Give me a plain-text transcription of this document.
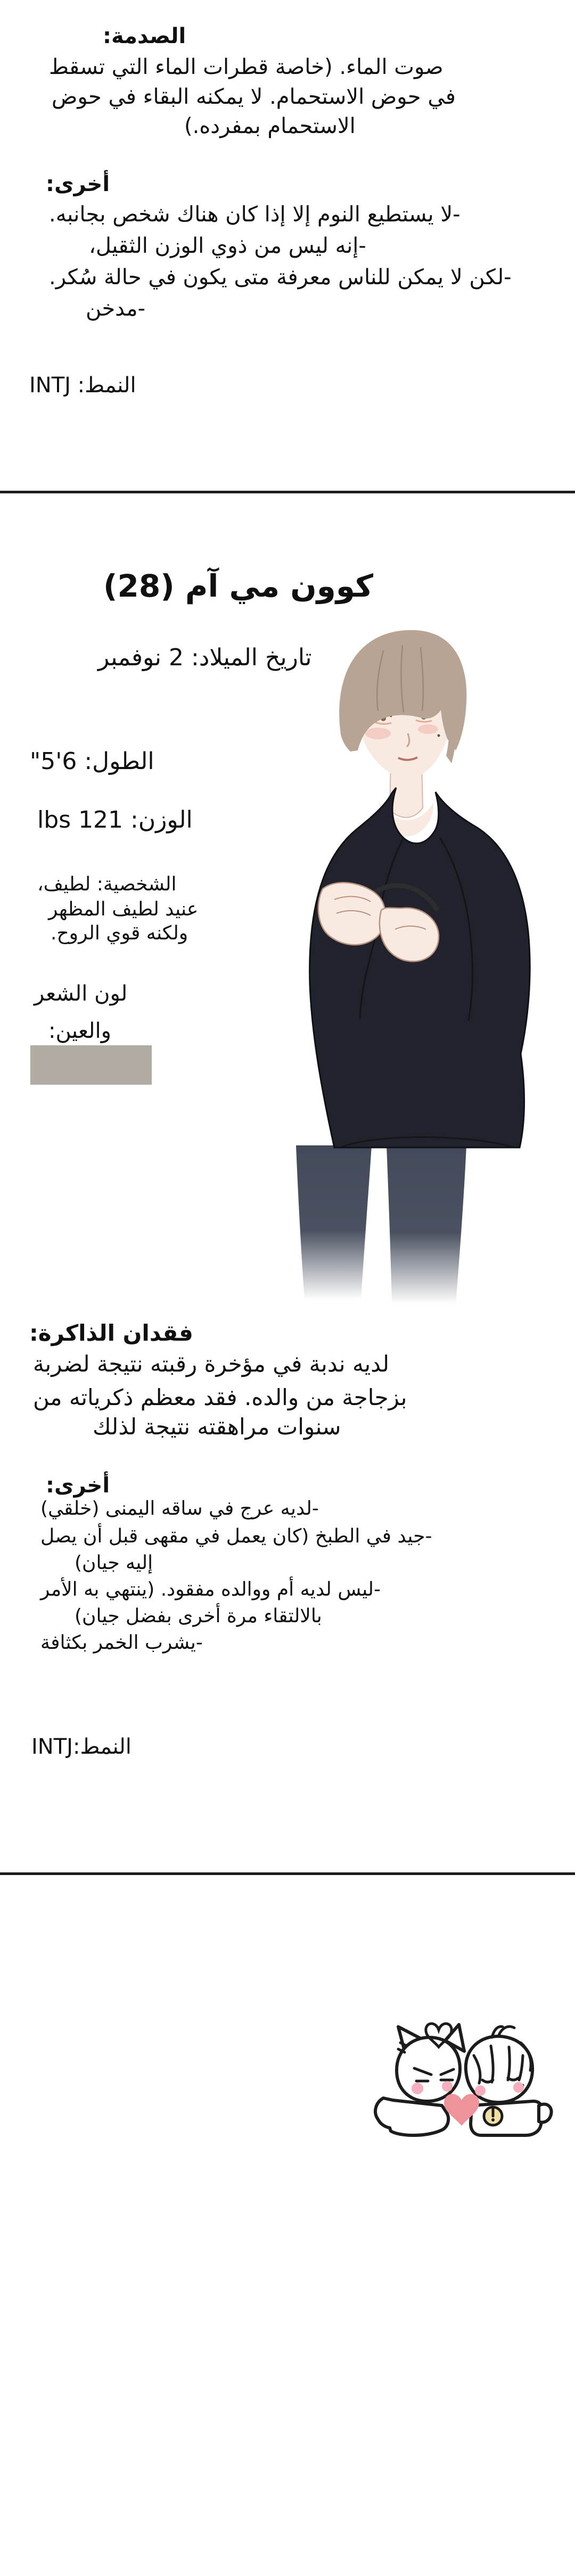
الصدمة:
صوت الماء. (خاصة قطرات الماء التي تسقط
في حوض الاستحمام. لا يمكنه البقاء في حوض
الاستحمام بمفرده.)
أخرى:
-لا يستطيع النوم إلا إذا كان هناك شخص بجانبه.
-إنه ليس من ذوي الوزن الثقيل،
-لكن لا يمكن للناس معرفة متى يكون في حالة سُكر.
-مدخن
النمط: INTJ
كوون مي آم (28)
تاريخ الميلاد: 2 نوفمبر
الطول: 6'5"
الوزن: lbs 121
الشخصية: لطيف،
عنيد لطيف المظهر
ولكنه قوي الروح.
لون الشعر
والعين:
فقدان الذاكرة:
لديه ندبة في مؤخرة رقبته نتيجة لضربة
بزجاجة من والده. فقد معظم ذكرياته من
سنوات مراهقته نتيجة لذلك
أخرى:
-لديه عرج في ساقه اليمنى (خلقي)
-جيد في الطبخ (كان يعمل في مقهى قبل أن يصل
إليه جيان)
-ليس لديه أم ووالده مفقود. (ينتهي به الأمر
بالالتقاء مرة أخرى بفضل جيان)
-يشرب الخمر بكثافة
النمط:INTJ
